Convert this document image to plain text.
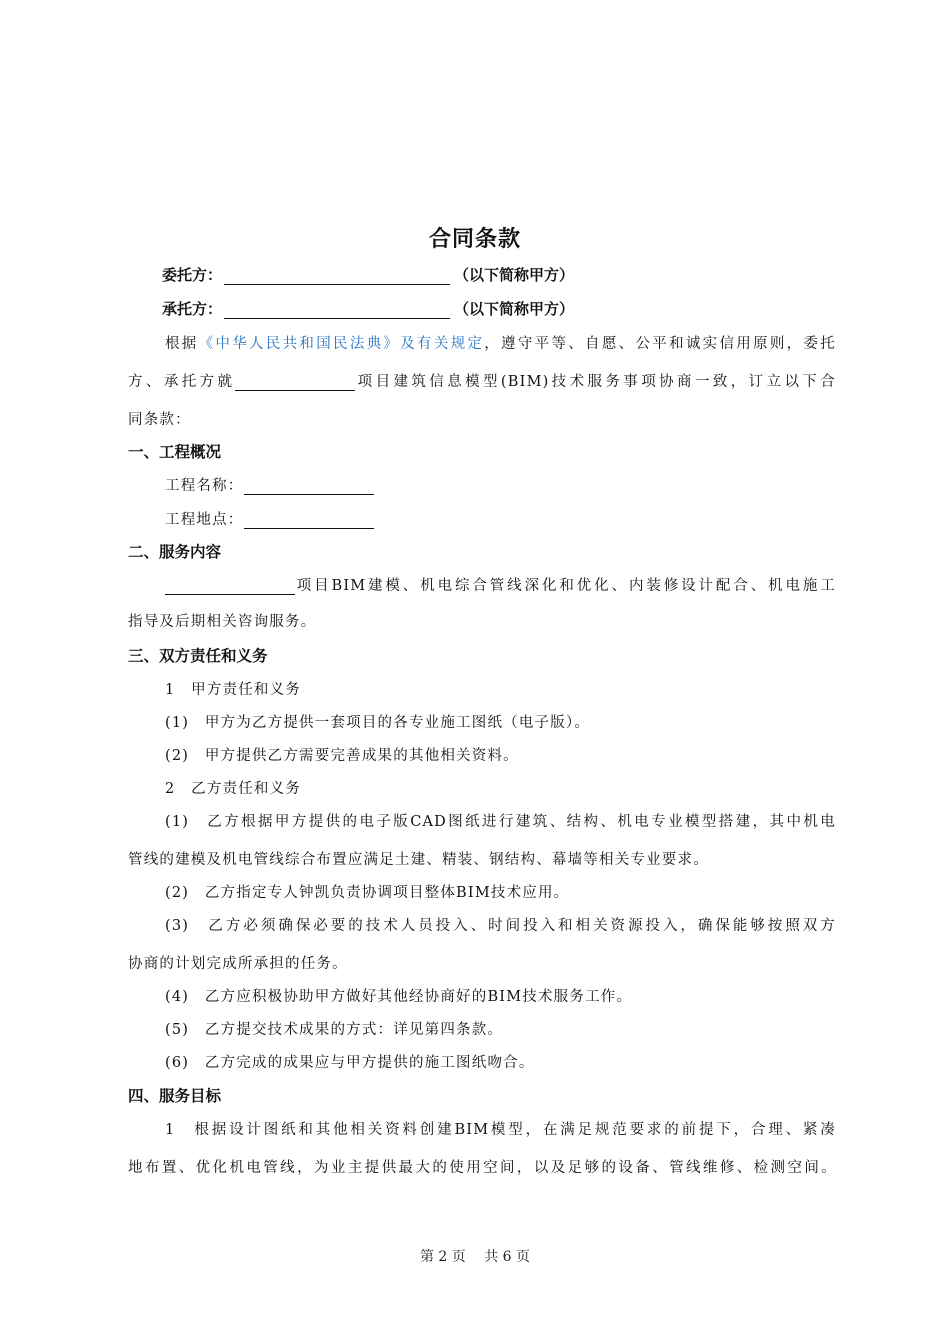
合同条款
委托方：	（以下简称甲方）
承托方：	（以下简称甲方）
根据《中华人民共和国民法典》及有关规定，遵守平等、自愿、公平和诚实信用原则，委托
方、承托方就	项目建筑信息模型(BIM)技术服务事项协商一致，订立以下合
同条款：
一、工程概况
工程名称：
工程地点：
二、服务内容
项目BIM建模、机电综合管线深化和优化、内装修设计配合、机电施工
指导及后期相关咨询服务。
三、双方责任和义务
1　甲方责任和义务
(1)　甲方为乙方提供一套项目的各专业施工图纸（电子版）。
(2)　甲方提供乙方需要完善成果的其他相关资料。
2　乙方责任和义务
(1)　乙方根据甲方提供的电子版CAD图纸进行建筑、结构、机电专业模型搭建，其中机电
管线的建模及机电管线综合布置应满足土建、精装、钢结构、幕墙等相关专业要求。
(2)　乙方指定专人钟凯负责协调项目整体BIM技术应用。
(3)　乙方必须确保必要的技术人员投入、时间投入和相关资源投入，确保能够按照双方
协商的计划完成所承担的任务。
(4)　乙方应积极协助甲方做好其他经协商好的BIM技术服务工作。
(5)　乙方提交技术成果的方式：详见第四条款。
(6)　乙方完成的成果应与甲方提供的施工图纸吻合。
四、服务目标
1　根据设计图纸和其他相关资料创建BIM模型，在满足规范要求的前提下，合理、紧凑
地布置、优化机电管线，为业主提供最大的使用空间，以及足够的设备、管线维修、检测空间。
第 2 页　 共 6 页
